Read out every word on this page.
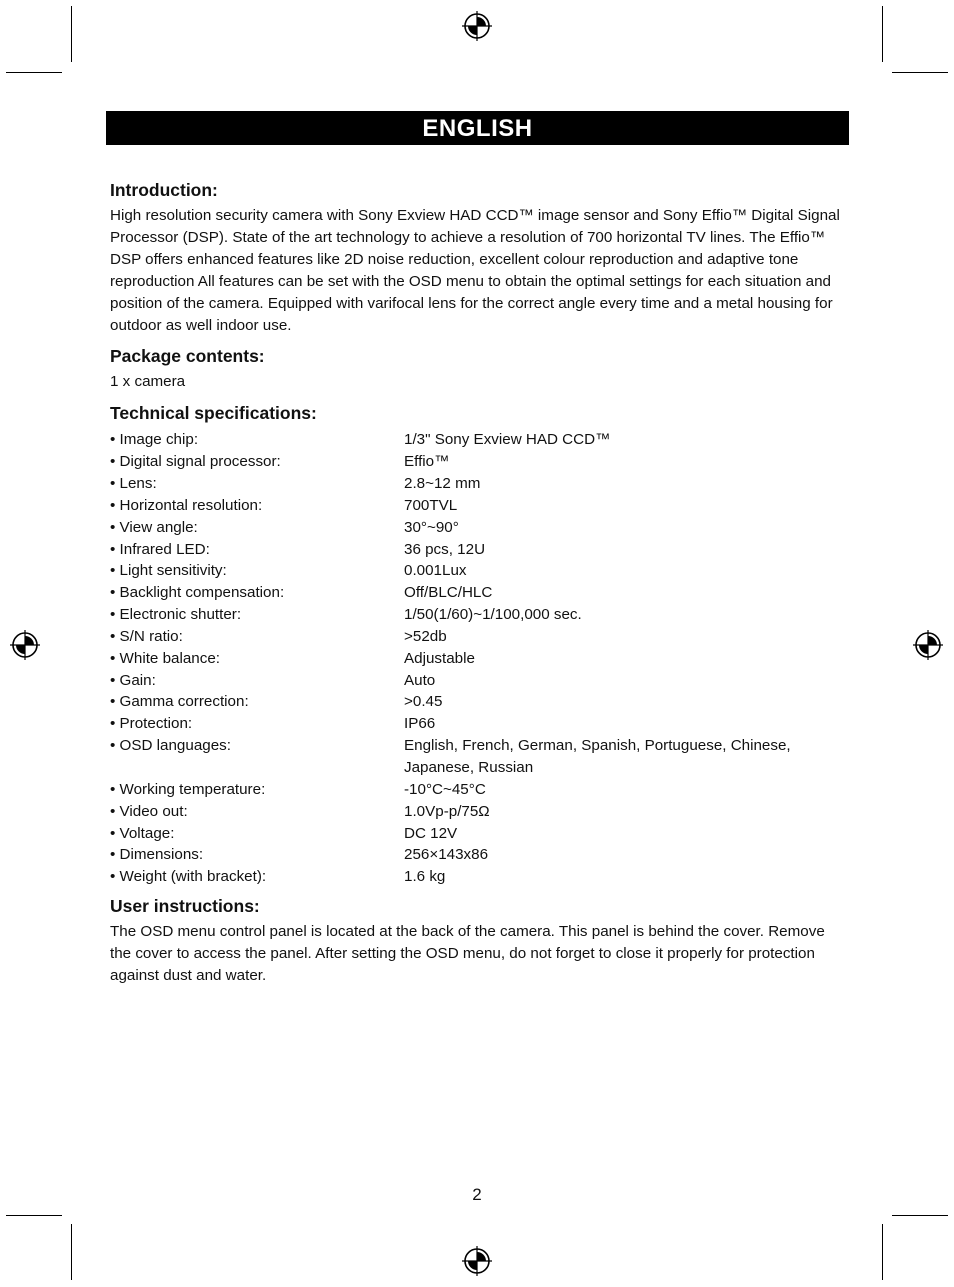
ENGLISH
Introduction:

High resolution security camera with Sony Exview HAD CCD™ image sensor and Sony Effio™ Digital Signal Processor (DSP). State of the art technology to achieve a resolution of 700 horizontal TV lines. The Effio™ DSP offers enhanced features like 2D noise reduction, excellent colour reproduction and adaptive tone reproduction All features can be set with the OSD menu to obtain the optimal settings for each situation and position of the camera. Equipped with varifocal lens for the correct angle every time and a metal housing for outdoor as well indoor use.

Package contents:

1 x camera

Technical specifications:
• Image chip:	1/3" Sony Exview HAD CCD™
• Digital signal processor:	Effio™
• Lens:	2.8~12 mm
• Horizontal resolution:	700TVL
• View angle:	30°~90°
• Infrared LED:	36 pcs, 12U
• Light sensitivity:	0.001Lux
• Backlight compensation:	Off/BLC/HLC
• Electronic shutter:	1/50(1/60)~1/100,000 sec.
• S/N ratio:	>52db
• White balance:	Adjustable
• Gain:	Auto
• Gamma correction:	>0.45
• Protection:	IP66
• OSD languages:	English, French, German, Spanish, Portuguese, Chinese, Japanese, Russian
• Working temperature:	-10°C~45°C
• Video out:	1.0Vp-p/75Ω
• Voltage:	DC 12V
• Dimensions:	256×143x86
• Weight (with bracket):	1.6 kg
User instructions:

The OSD menu control panel is located at the back of the camera. This panel is behind the cover. Remove the cover to access the panel. After setting the OSD menu, do not forget to close it properly for protection against dust and water.

2
